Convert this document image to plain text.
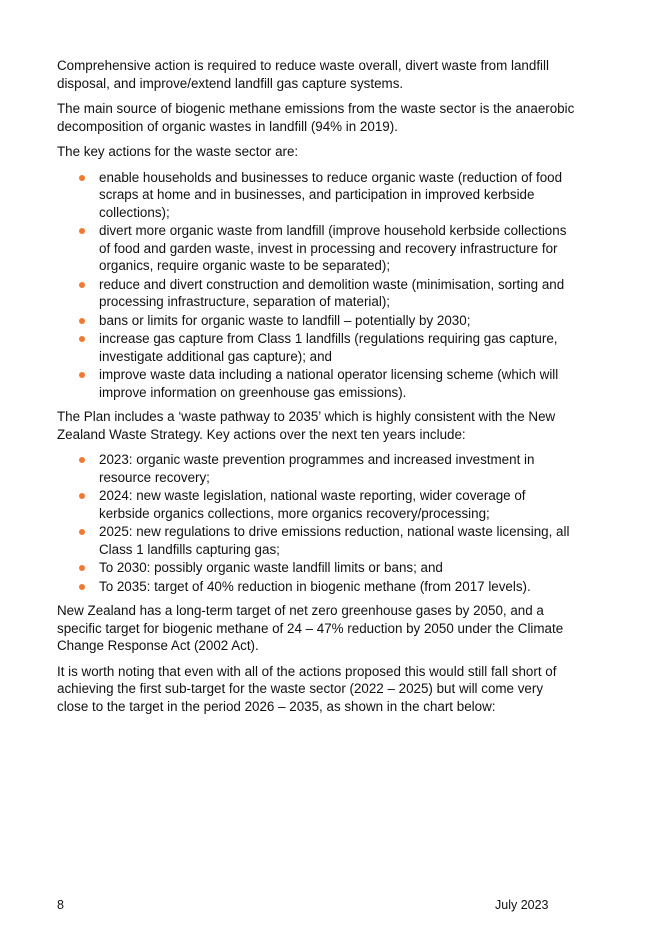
Comprehensive action is required to reduce waste overall, divert waste from landfill disposal, and improve/extend landfill gas capture systems.

The main source of biogenic methane emissions from the waste sector is the anaerobic decomposition of organic wastes in landfill (94% in 2019).

The key actions for the waste sector are:

enable households and businesses to reduce organic waste (reduction of food scraps at home and in businesses, and participation in improved kerbside collections);
divert more organic waste from landfill (improve household kerbside collections of food and garden waste, invest in processing and recovery infrastructure for organics, require organic waste to be separated);
reduce and divert construction and demolition waste (minimisation, sorting and processing infrastructure, separation of material);
bans or limits for organic waste to landfill – potentially by 2030;
increase gas capture from Class 1 landfills (regulations requiring gas capture, investigate additional gas capture); and
improve waste data including a national operator licensing scheme (which will improve information on greenhouse gas emissions).

The Plan includes a ‘waste pathway to 2035’ which is highly consistent with the New Zealand Waste Strategy. Key actions over the next ten years include:

2023: organic waste prevention programmes and increased investment in resource recovery;
2024: new waste legislation, national waste reporting, wider coverage of kerbside organics collections, more organics recovery/processing;
2025: new regulations to drive emissions reduction, national waste licensing, all Class 1 landfills capturing gas;
To 2030: possibly organic waste landfill limits or bans; and
To 2035: target of 40% reduction in biogenic methane (from 2017 levels).

New Zealand has a long-term target of net zero greenhouse gases by 2050, and a specific target for biogenic methane of 24 – 47% reduction by 2050 under the Climate Change Response Act (2002 Act).

It is worth noting that even with all of the actions proposed this would still fall short of achieving the first sub-target for the waste sector (2022 – 2025) but will come very close to the target in the period 2026 – 2035, as shown in the chart below:

8	July 2023
